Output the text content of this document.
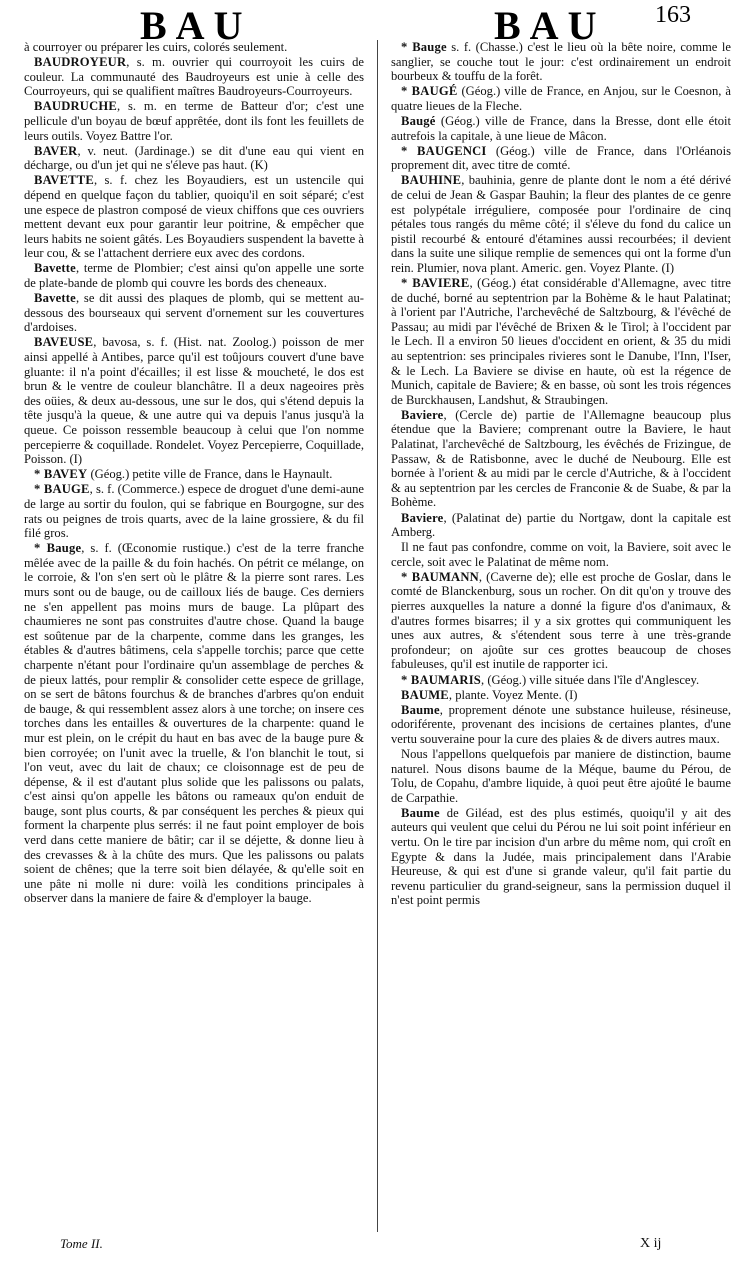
BAU	BAU 163

à courroyer ou préparer les cuirs, colorés seulement.

BAUDROYEUR, s. m. ouvrier qui courroyoit les cuirs de couleur. La communauté des Baudroyeurs est unie à celle des Courroyeurs, qui se qualifient maîtres Baudroyeurs-Courroyeurs.

BAUDRUCHE, s. m. en terme de Batteur d'or; c'est une pellicule d'un boyau de bœuf apprêtée, dont ils font les feuillets de leurs outils. Voyez Battre l'or.

BAVER, v. neut. (Jardinage.) se dit d'une eau qui vient en décharge, ou d'un jet qui ne s'éleve pas haut. (K)

BAVETTE, s. f. chez les Boyaudiers, est un ustencile qui dépend en quelque façon du tablier, quoiqu'il en soit séparé; c'est une espece de plastron composé de vieux chiffons que ces ouvriers mettent devant eux pour garantir leur poitrine, & empêcher que leurs habits ne soient gâtés. Les Boyaudiers suspendent la bavette à leur cou, & se l'attachent derriere eux avec des cordons.

Bavette, terme de Plombier; c'est ainsi qu'on appelle une sorte de plate-bande de plomb qui couvre les bords des cheneaux.

Bavette, se dit aussi des plaques de plomb, qui se mettent au-dessous des bourseaux qui servent d'ornement sur les couvertures d'ardoises.

BAVEUSE, bavosa, s. f. (Hist. nat. Zoolog.) poisson de mer ainsi appellé à Antibes, parce qu'il est toûjours couvert d'une bave gluante: il n'a point d'écailles; il est lisse & moucheté, le dos est brun & le ventre de couleur blanchâtre. Il a deux nageoires près des oüies, & deux au-dessous, une sur le dos, qui s'étend depuis la tête jusqu'à la queue, & une autre qui va depuis l'anus jusqu'à la queue. Ce poisson ressemble beaucoup à celui que l'on nomme percepierre & coquillade. Rondelet. Voyez Percepierre, Coquillade, Poisson. (I)

* BAVEY (Géog.) petite ville de France, dans le Haynault.

* BAUGE, s. f. (Commerce.) espece de droguet d'une demi-aune de large au sortir du foulon, qui se fabrique en Bourgogne, sur des rats ou peignes de trois quarts, avec de la laine grossiere, & du fil filé gros.

* Bauge, s. f. (Œconomie rustique.) c'est de la terre franche mêlée avec de la paille & du foin hachés. On pétrit ce mélange, on le corroie, & l'on s'en sert où le plâtre & la pierre sont rares. Les murs sont ou de bauge, ou de cailloux liés de bauge. Ces derniers ne s'en appellent pas moins murs de bauge. La plûpart des chaumieres ne sont pas construites d'autre chose. Quand la bauge est soûtenue par de la charpente, comme dans les granges, les étables & d'autres bâtimens, cela s'appelle torchis; parce que cette charpente n'étant pour l'ordinaire qu'un assemblage de perches & de pieux lattés, pour remplir & consolider cette espece de grillage, on se sert de bâtons fourchus & de branches d'arbres qu'on enduit de bauge, & qui ressemblent assez alors à une torche; on insere ces torches dans les entailles & ouvertures de la charpente: quand le mur est plein, on le crépit du haut en bas avec de la bauge pure & bien corroyée; on l'unit avec la truelle, & l'on blanchit le tout, si l'on veut, avec du lait de chaux; ce cloisonnage est de peu de dépense, & il est d'autant plus solide que les palissons ou palats, c'est ainsi qu'on appelle les bâtons ou rameaux qu'on enduit de bauge, sont plus courts, & par conséquent les perches & pieux qui forment la charpente plus serrés: il ne faut point employer de bois verd dans cette maniere de bâtir; car il se déjette, & donne lieu à des crevasses & à la chûte des murs. Que les palissons ou palats soient de chênes; que la terre soit bien délayée, & qu'elle soit en une pâte ni molle ni dure: voilà les conditions principales à observer dans la maniere de faire & d'employer la bauge.

* Bauge s. f. (Chasse.) c'est le lieu où la bête noire, comme le sanglier, se couche tout le jour: c'est ordinairement un endroit bourbeux & touffu de la forêt.

* BAUGÉ (Géog.) ville de France, en Anjou, sur le Coesnon, à quatre lieues de la Fleche.

Baugé (Géog.) ville de France, dans la Bresse, dont elle étoit autrefois la capitale, à une lieue de Mâcon.

* BAUGENCI (Géog.) ville de France, dans l'Orléanois proprement dit, avec titre de comté.

BAUHINE, bauhinia, genre de plante dont le nom a été dérivé de celui de Jean & Gaspar Bauhin; la fleur des plantes de ce genre est polypétale irréguliere, composée pour l'ordinaire de cinq pétales tous rangés du même côté; il s'éleve du fond du calice un pistil recourbé & entouré d'étamines aussi recourbées; il devient dans la suite une silique remplie de semences qui ont la forme d'un rein. Plumier, nova plant. Americ. gen. Voyez Plante. (I)

* BAVIERE, (Géog.) état considérable d'Allemagne, avec titre de duché, borné au septentrion par la Bohème & le haut Palatinat; à l'orient par l'Autriche, l'archevêché de Saltzbourg, & l'évêché de Passau; au midi par l'évêché de Brixen & le Tirol; à l'occident par le Lech. Il a environ 50 lieues d'occident en orient, & 35 du midi au septentrion: ses principales rivieres sont le Danube, l'Inn, l'Iser, & le Lech. La Baviere se divise en haute, où est la régence de Munich, capitale de Baviere; & en basse, où sont les trois régences de Burckhausen, Landshut, & Straubingen.

Baviere, (Cercle de) partie de l'Allemagne beaucoup plus étendue que la Baviere; comprenant outre la Baviere, le haut Palatinat, l'archevêché de Saltzbourg, les évêchés de Frizingue, de Passaw, & de Ratisbonne, avec le duché de Neubourg. Elle est bornée à l'orient & au midi par le cercle d'Autriche, & à l'occident & au septentrion par les cercles de Franconie & de Suabe, & par la Bohème.

Baviere, (Palatinat de) partie du Nortgaw, dont la capitale est Amberg.

Il ne faut pas confondre, comme on voit, la Baviere, soit avec le cercle, soit avec le Palatinat de même nom.

* BAUMANN, (Caverne de); elle est proche de Goslar, dans le comté de Blanckenburg, sous un rocher. On dit qu'on y trouve des pierres auxquelles la nature a donné la figure d'os d'animaux, & d'autres formes bisarres; il y a six grottes qui communiquent les unes aux autres, & s'étendent sous terre à une très-grande profondeur; on ajoûte sur ces grottes beaucoup de choses fabuleuses, qu'il est inutile de rapporter ici.

* BAUMARIS, (Géog.) ville située dans l'île d'Anglescey.

BAUME, plante. Voyez Mente. (I)

Baume, proprement dénote une substance huileuse, résineuse, odoriférente, provenant des incisions de certaines plantes, d'une vertu souveraine pour la cure des plaies & de divers autres maux.

Nous l'appellons quelquefois par maniere de distinction, baume naturel. Nous disons baume de la Méque, baume du Pérou, de Tolu, de Copahu, d'ambre liquide, à quoi peut être ajoûté le baume de Carpathie.

Baume de Giléad, est des plus estimés, quoiqu'il y ait des auteurs qui veulent que celui du Pérou ne lui soit point inférieur en vertu. On le tire par incision d'un arbre du même nom, qui croît en Egypte & dans la Judée, mais principalement dans l'Arabie Heureuse, & qui est d'une si grande valeur, qu'il fait partie du revenu particulier du grand-seigneur, sans la permission duquel il n'est point permis

Tome II.	X ij
